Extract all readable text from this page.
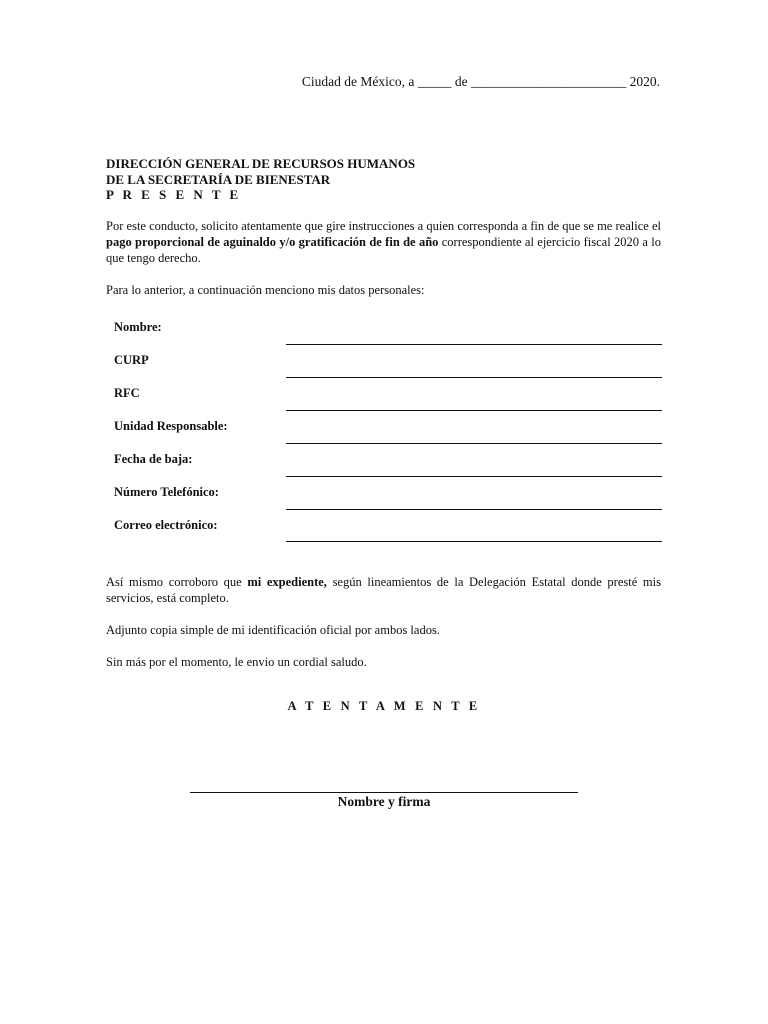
Ciudad de México, a _____ de _______________________ 2020.
DIRECCIÓN GENERAL DE RECURSOS HUMANOS
DE LA SECRETARÍA DE BIENESTAR
P R E S E N T E
Por este conducto, solicito atentamente que gire instrucciones a quien corresponda a fin de que se me realice el pago proporcional de aguinaldo y/o gratificación de fin de año correspondiente al ejercicio fiscal 2020 a lo que tengo derecho.
Para lo anterior, a continuación menciono mis datos personales:
Nombre:
CURP
RFC
Unidad Responsable:
Fecha de baja:
Número Telefónico:
Correo electrónico:
Así mismo corroboro que mi expediente, según lineamientos de la Delegación Estatal donde presté mis servicios, está completo.
Adjunto copia simple de mi identificación oficial por ambos lados.
Sin más por el momento, le envio un cordial saludo.
A T E N T A M E N T E
Nombre y firma
